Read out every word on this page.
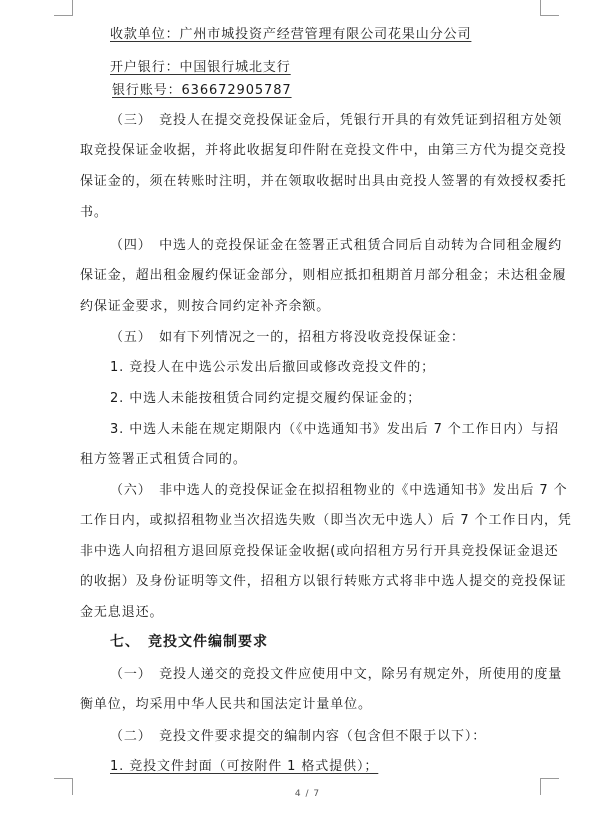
收款单位：广州市城投资产经营管理有限公司花果山分公司
开户银行：中国银行城北支行
银行账号：636672905787
（三）　竞投人在提交竞投保证金后，凭银行开具的有效凭证到招租方处领
取竞投保证金收据，并将此收据复印件附在竞投文件中，由第三方代为提交竞投
保证金的，须在转账时注明，并在领取收据时出具由竞投人签署的有效授权委托
书。
（四）　中选人的竞投保证金在签署正式租赁合同后自动转为合同租金履约
保证金，超出租金履约保证金部分，则相应抵扣租期首月部分租金；未达租金履
约保证金要求，则按合同约定补齐余额。
（五）　如有下列情况之一的，招租方将没收竞投保证金：
1. 竞投人在中选公示发出后撤回或修改竞投文件的；
2. 中选人未能按租赁合同约定提交履约保证金的；
3. 中选人未能在规定期限内（《中选通知书》发出后 7 个工作日内）与招
租方签署正式租赁合同的。
（六）　非中选人的竞投保证金在拟招租物业的《中选通知书》发出后 7 个
工作日内，或拟招租物业当次招选失败（即当次无中选人）后 7 个工作日内，凭
非中选人向招租方退回原竞投保证金收据(或向招租方另行开具竞投保证金退还
的收据）及身份证明等文件，招租方以银行转账方式将非中选人提交的竞投保证
金无息退还。
七、　竞投文件编制要求
（一）　竞投人递交的竞投文件应使用中文，除另有规定外，所使用的度量
衡单位，均采用中华人民共和国法定计量单位。
（二）　竞投文件要求提交的编制内容（包含但不限于以下）：
1. 竞投文件封面（可按附件 1 格式提供）；
4 / 7
